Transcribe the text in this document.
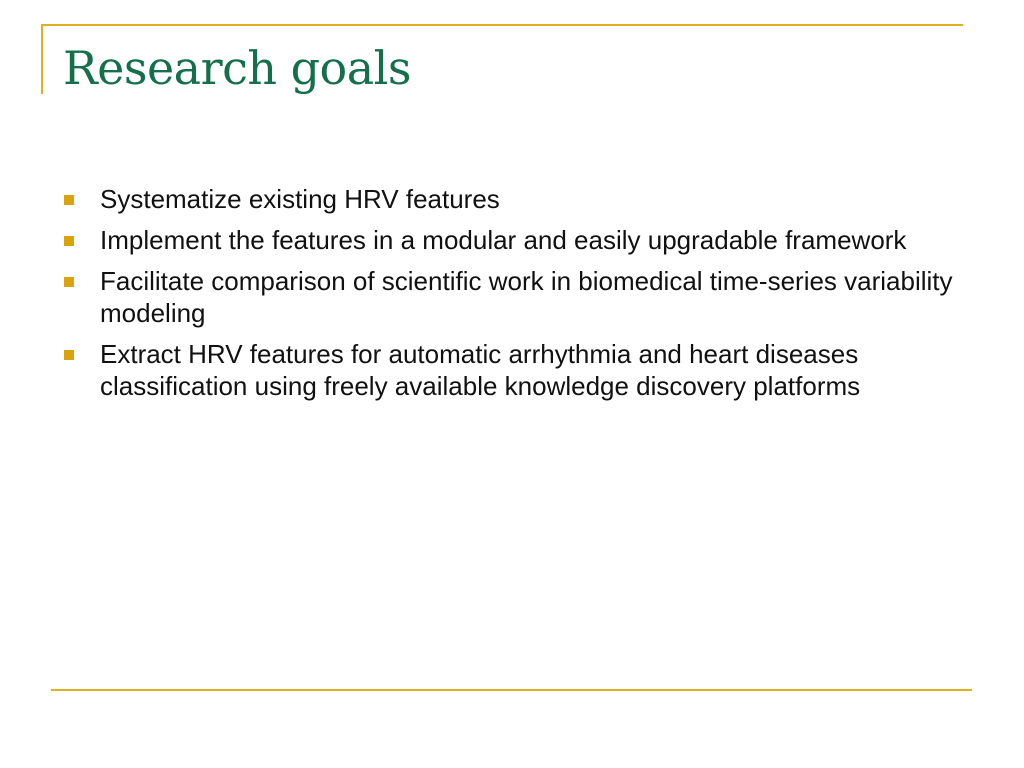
Research goals
Systematize existing HRV features
Implement the features in a modular and easily upgradable framework
Facilitate comparison of scientific work in biomedical time-series variability modeling
Extract HRV features for automatic arrhythmia and heart diseases classification using freely available knowledge discovery platforms
